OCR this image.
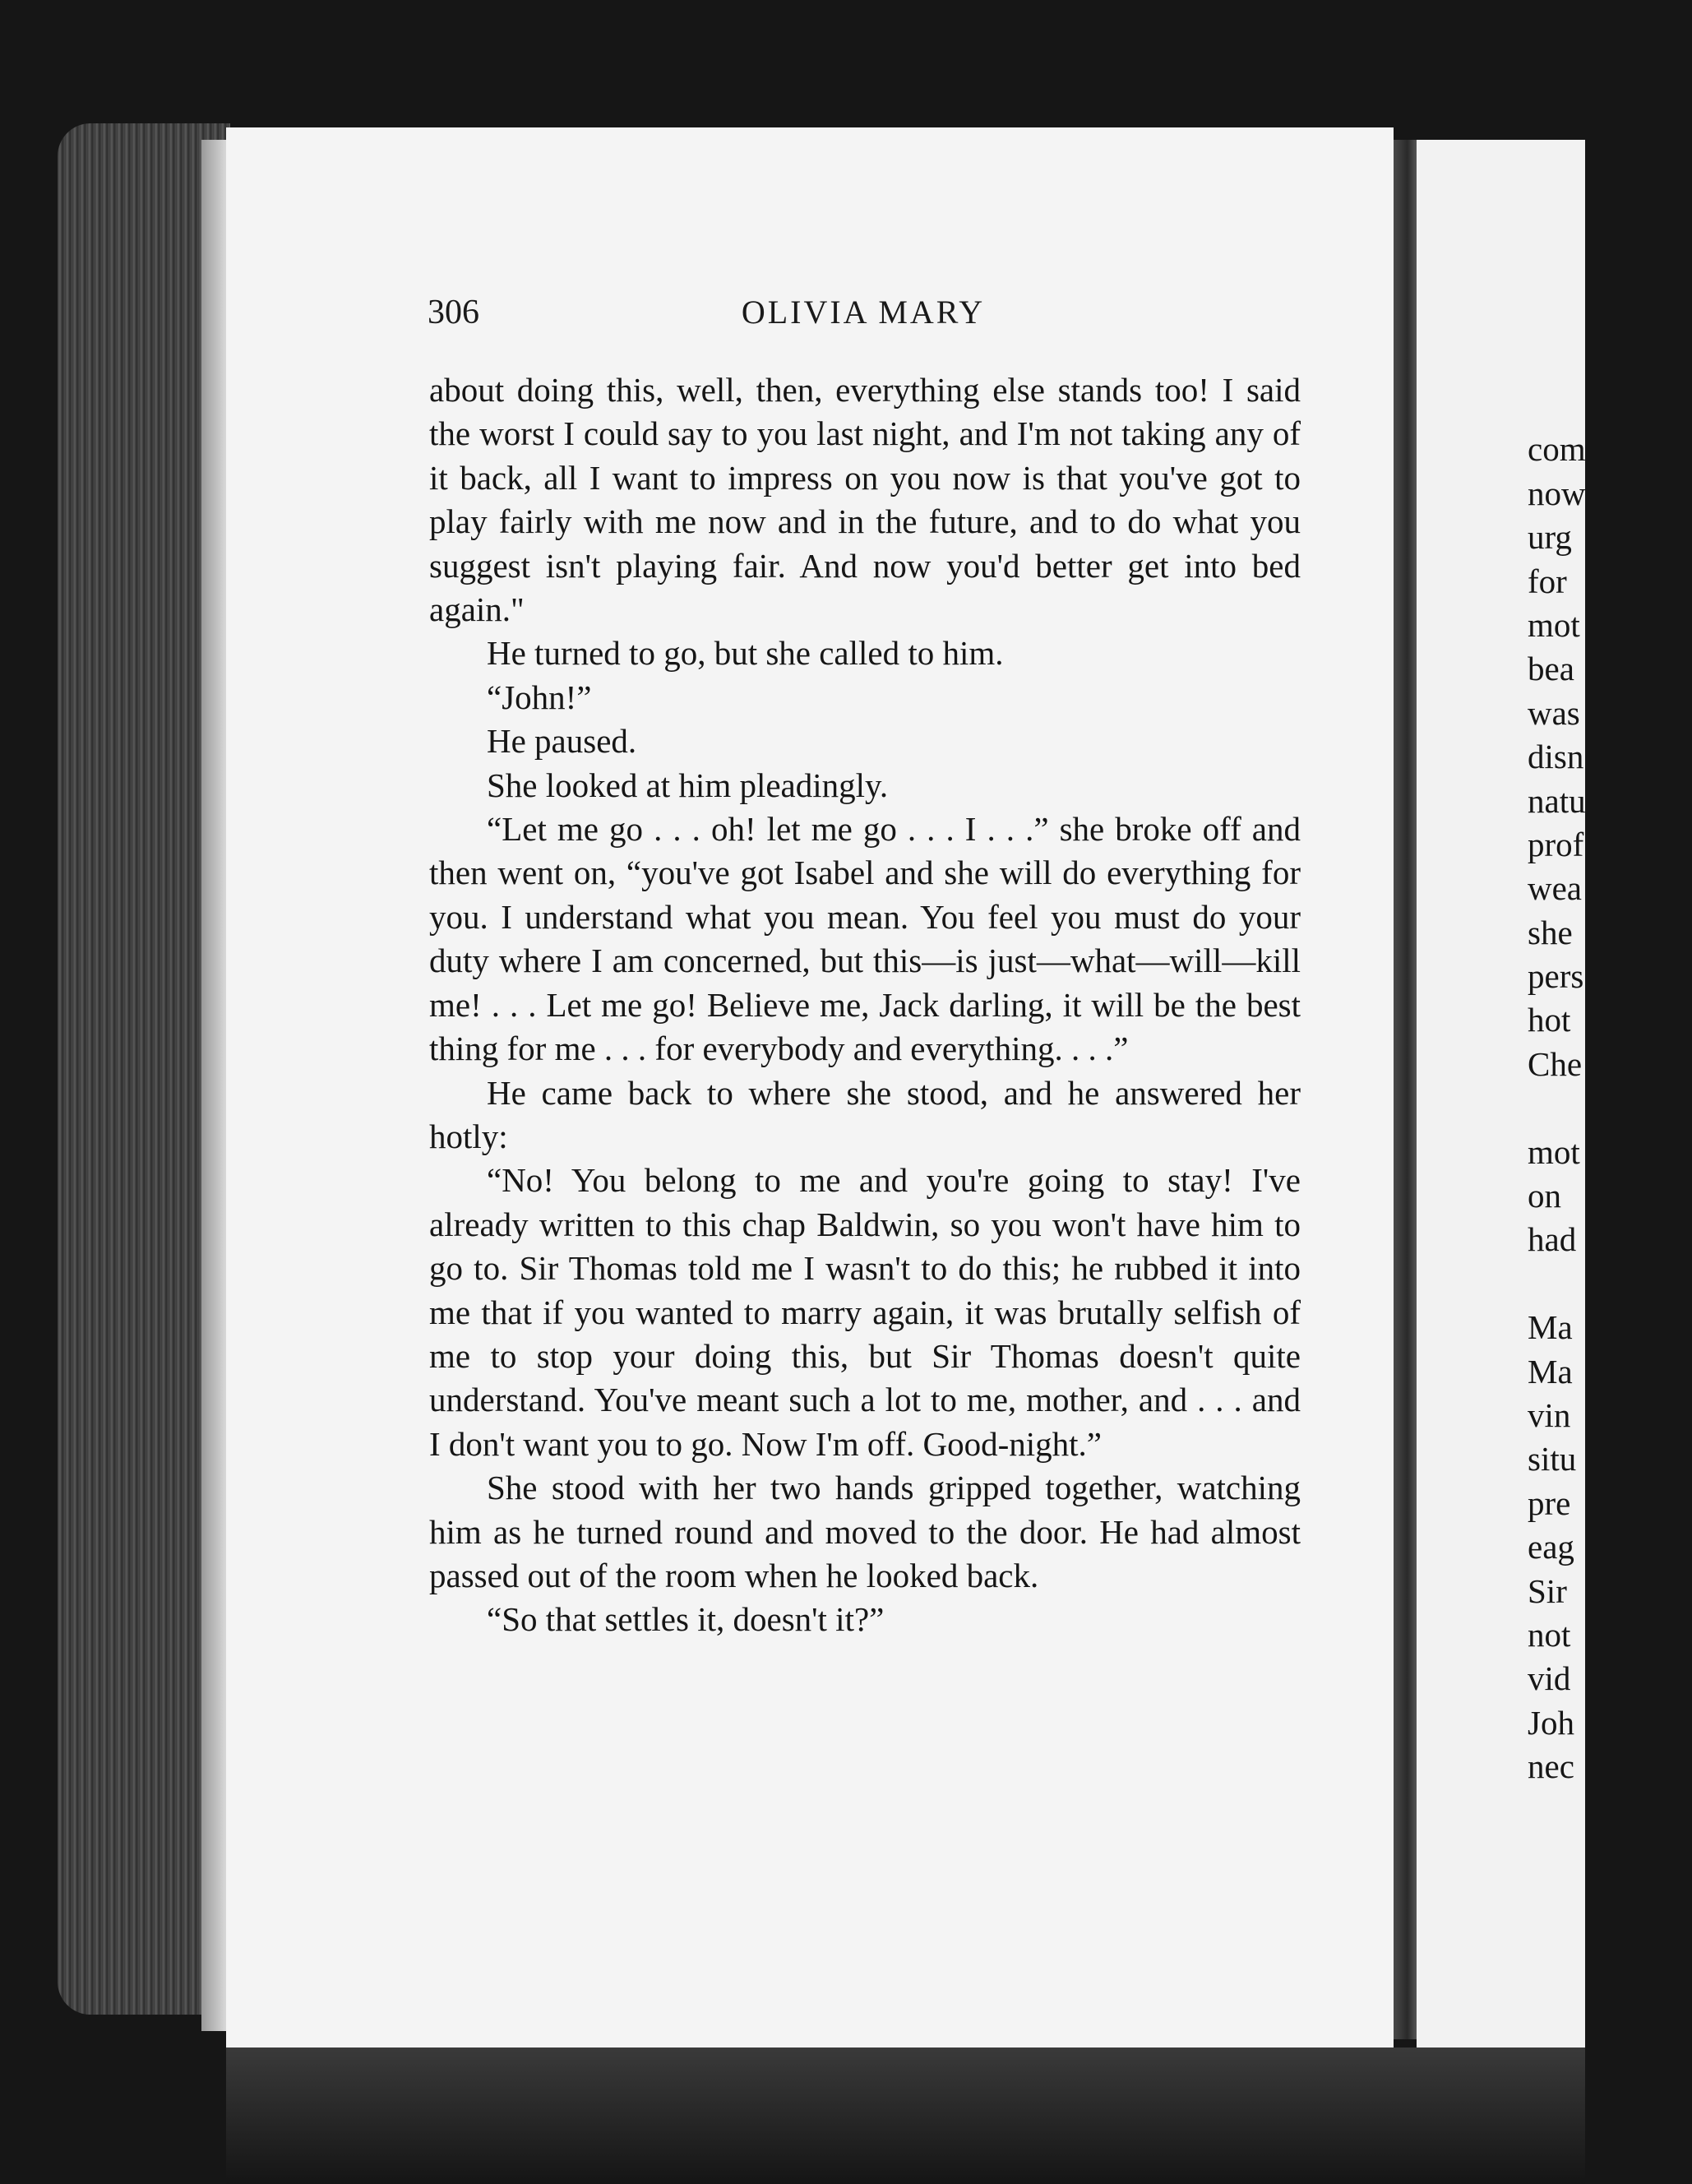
306	OLIVIA MARY

about doing this, well, then, everything else stands too! I said the worst I could say to you last night, and I'm not taking any of it back, all I want to impress on you now is that you've got to play fairly with me now and in the future, and to do what you suggest isn't playing fair. And now you'd better get into bed again."

He turned to go, but she called to him.

“John!”

He paused.

She looked at him pleadingly.

“Let me go . . . oh! let me go . . . I . . .” she broke off and then went on, “you've got Isabel and she will do everything for you. I understand what you mean. You feel you must do your duty where I am concerned, but this—is just—what—will—kill me! . . . Let me go! Believe me, Jack darling, it will be the best thing for me . . . for everybody and everything. . . .”

He came back to where she stood, and he answered her hotly:

“No! You belong to me and you're going to stay! I've already written to this chap Baldwin, so you won't have him to go to. Sir Thomas told me I wasn't to do this; he rubbed it into me that if you wanted to marry again, it was brutally selfish of me to stop your doing this, but Sir Thomas doesn't quite understand. You've meant such a lot to me, mother, and . . . and I don't want you to go. Now I'm off. Good-night.”

She stood with her two hands gripped together, watching him as he turned round and moved to the door. He had almost passed out of the room when he looked back.

“So that settles it, doesn't it?”

I
com
now
urg
for
mot
bea
was
disn
natu
prof
wea
she
pers
hot
Che
mot
on
had
Ma
Ma
vin
situ
pre
eag
Sir
not
vid
Joh
nec
